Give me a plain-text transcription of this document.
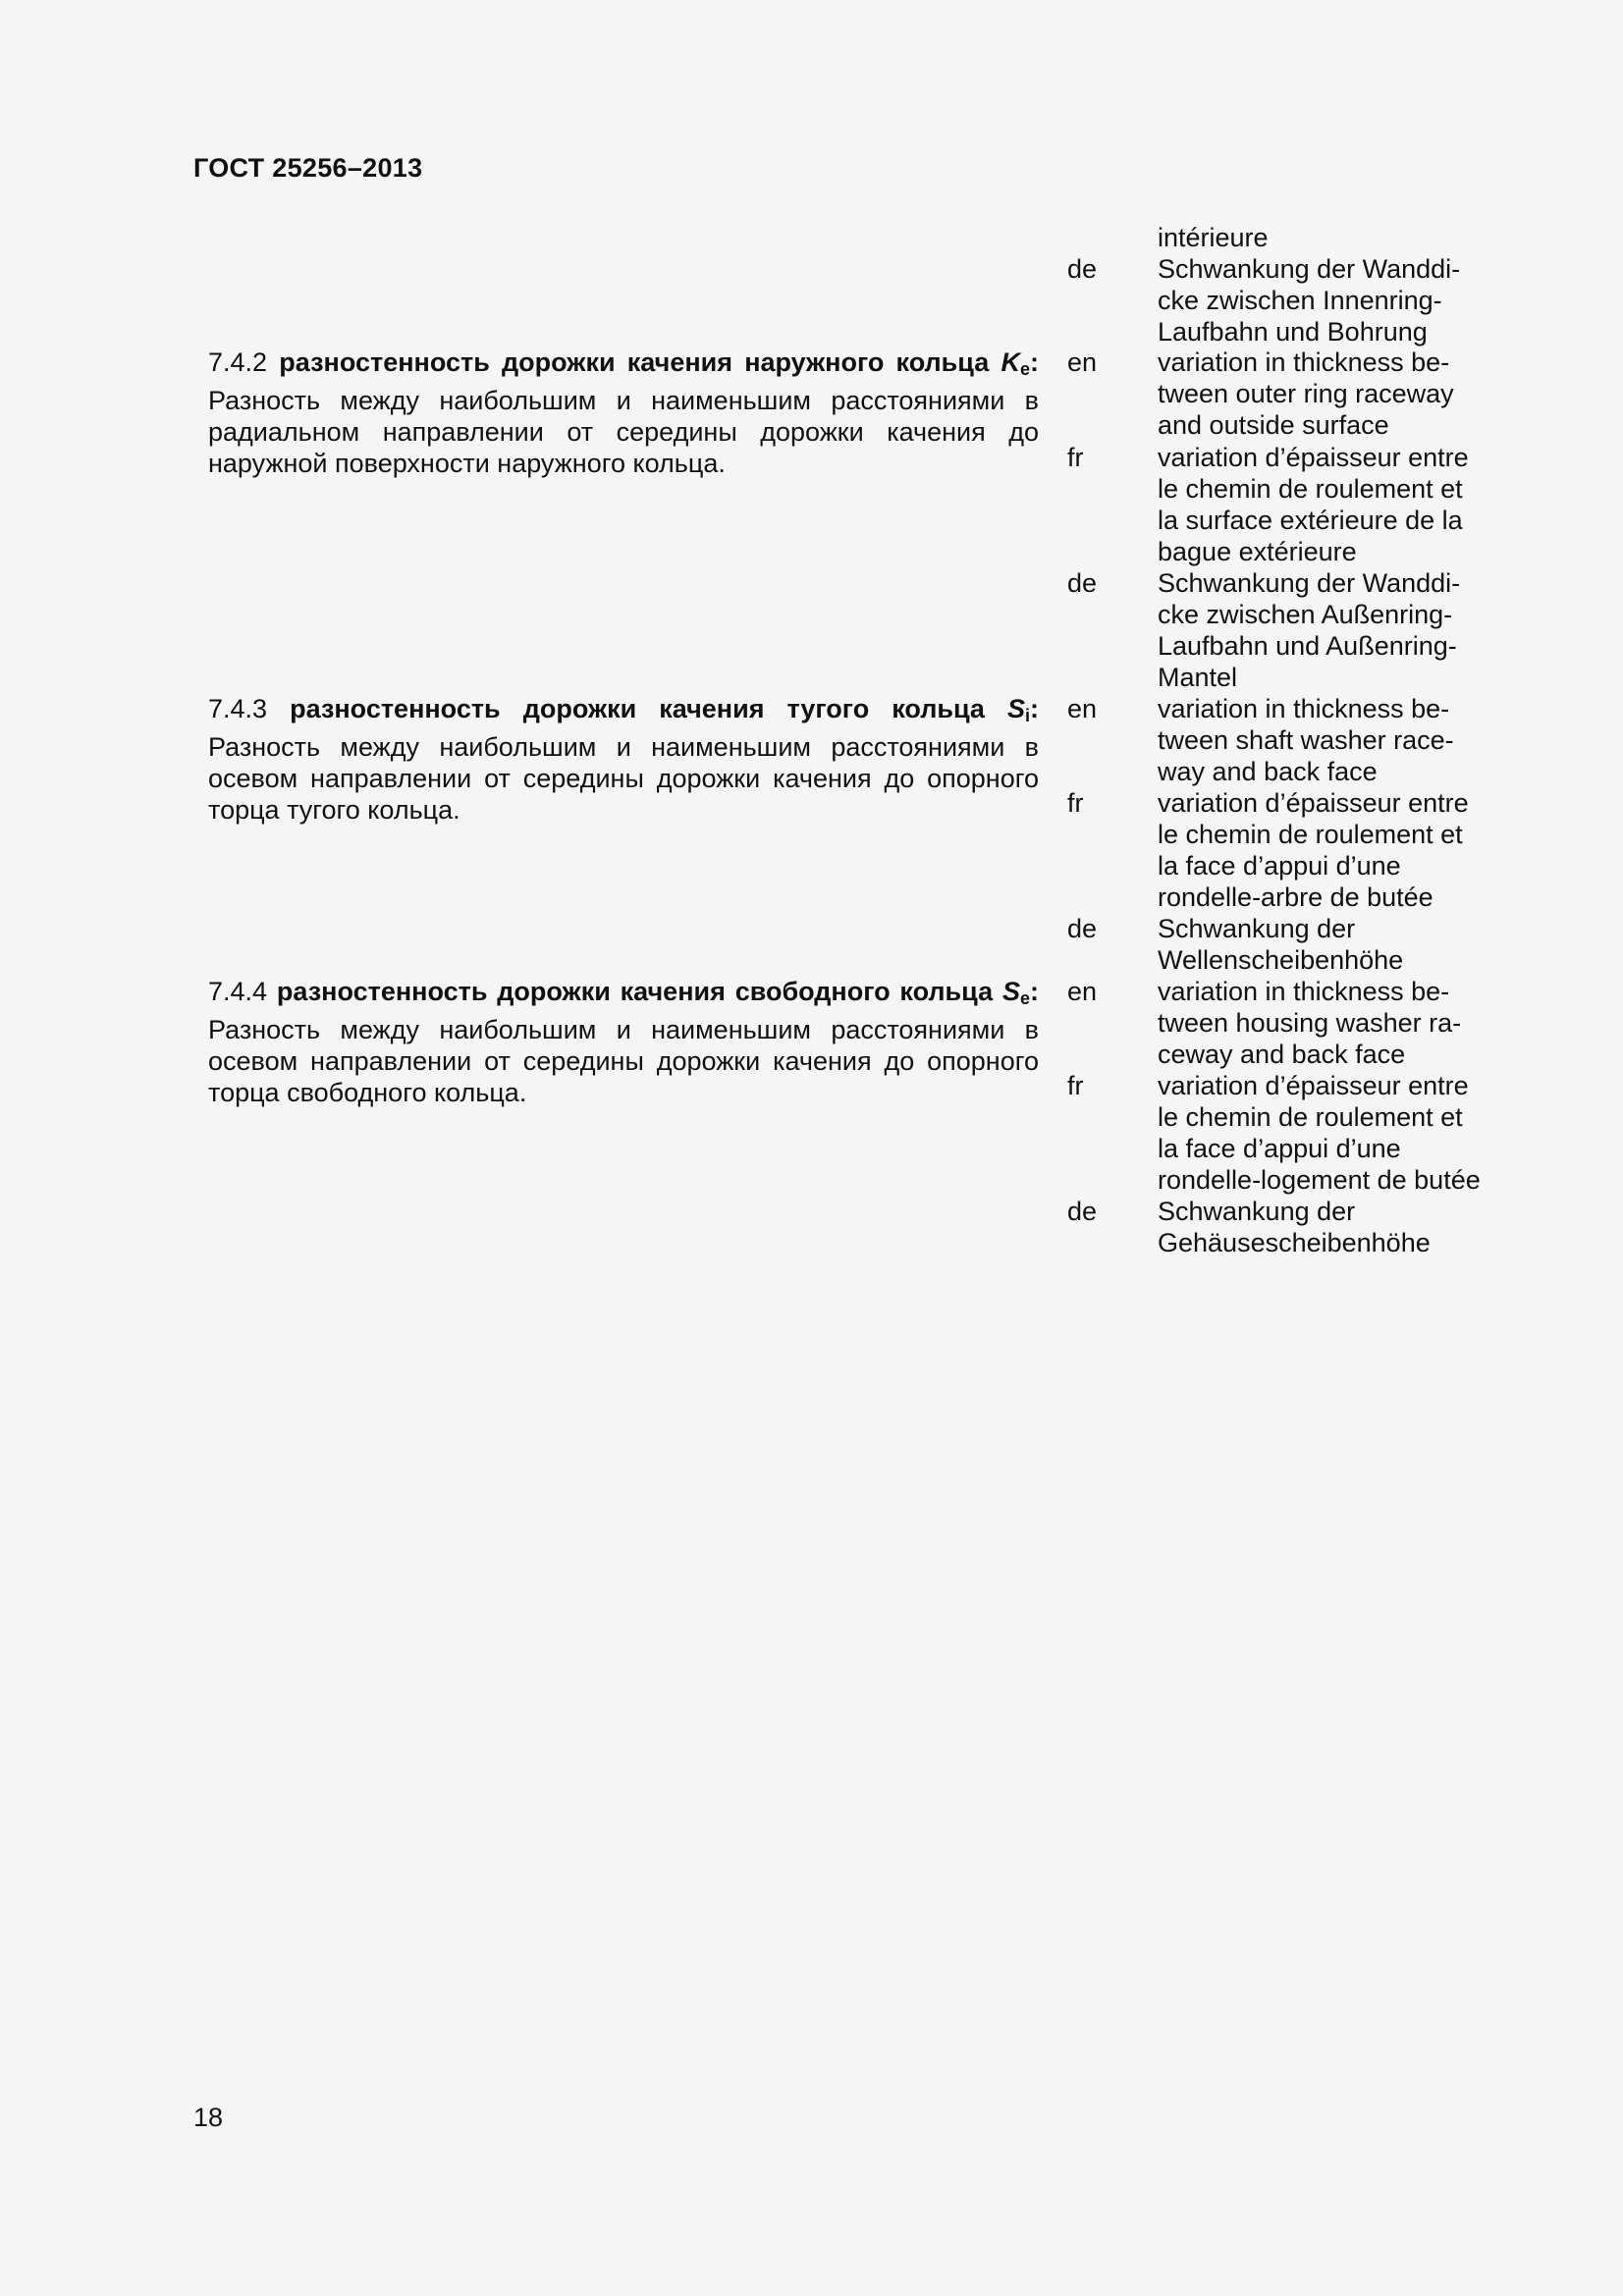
ГОСТ 25256–2013
7.4.2 разностенность дорожки качения наружного кольца $K_e$: Разность между наибольшим и наименьшим расстояниями в радиальном направлении от середины дорожки качения до наружной поверхности наружного кольца.
7.4.3 разностенность дорожки качения тугого кольца $S_i$: Разность между наибольшим и наименьшим расстояниями в осевом направлении от середины дорожки качения до опорного торца тугого кольца.
7.4.4 разностенность дорожки качения свободного кольца $S_e$: Разность между наибольшим и наименьшим расстояниями в осевом направлении от середины дорожки качения до опорного торца свободного кольца.
intérieure
de Schwankung der Wanddi-
cke zwischen Innenring-
Laufbahn und Bohrung
en variation in thickness be-
tween outer ring raceway
and outside surface
fr	variation d’épaisseur entre
le chemin de roulement et
la surface extérieure de la
bague extérieure
de Schwankung der Wanddi-
cke zwischen Außenring-
Laufbahn und Außenring-
Mantel
en variation in thickness be-
tween shaft washer race-
way and back face
fr	variation d’épaisseur entre
le chemin de roulement et
la face d’appui d’une
rondelle-arbre de butée
de Schwankung der
Wellenscheibenhöhe
en variation in thickness be-
tween housing washer ra-
ceway and back face
fr	variation d’épaisseur entre
le chemin de roulement et
la face d’appui d’une
rondelle-logement de butée
de Schwankung der
Gehäusescheibenhöhe
18
